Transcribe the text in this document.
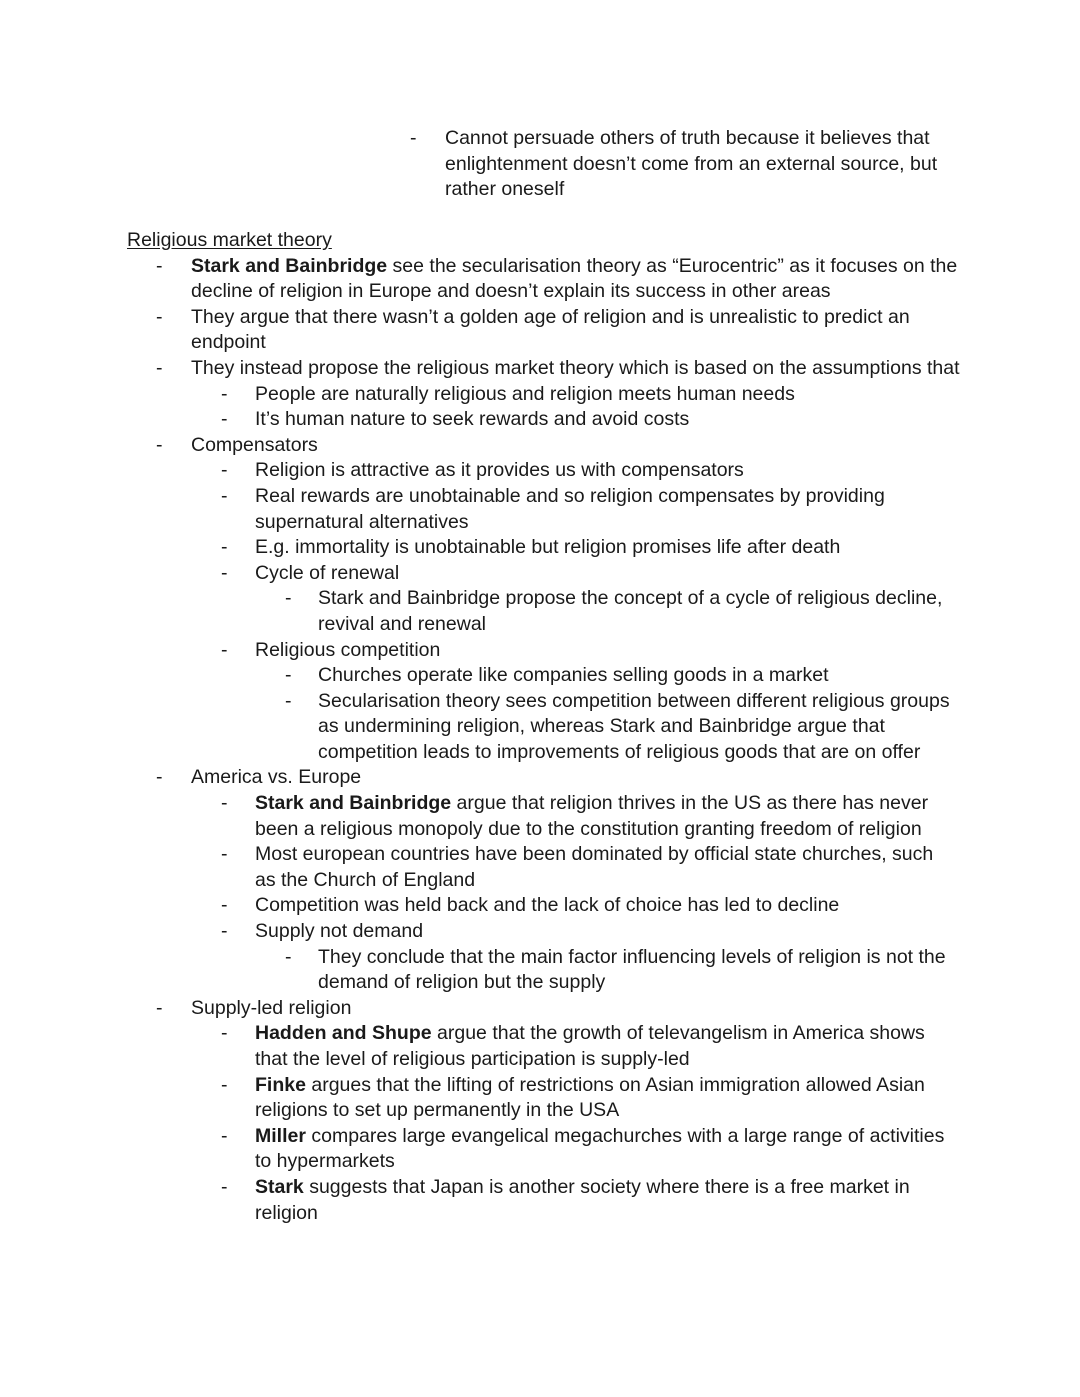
- Cannot persuade others of truth because it believes that enlightenment doesn’t come from an external source, but rather oneself
Religious market theory
- Stark and Bainbridge see the secularisation theory as “Eurocentric” as it focuses on the decline of religion in Europe and doesn’t explain its success in other areas
- They argue that there wasn’t a golden age of religion and is unrealistic to predict an endpoint
- They instead propose the religious market theory which is based on the assumptions that
- People are naturally religious and religion meets human needs
- It’s human nature to seek rewards and avoid costs
- Compensators
- Religion is attractive as it provides us with compensators
- Real rewards are unobtainable and so religion compensates by providing supernatural alternatives
- E.g. immortality is unobtainable but religion promises life after death
- Cycle of renewal
- Stark and Bainbridge propose the concept of a cycle of religious decline, revival and renewal
- Religious competition
- Churches operate like companies selling goods in a market
- Secularisation theory sees competition between different religious groups as undermining religion, whereas Stark and Bainbridge argue that competition leads to improvements of religious goods that are on offer
- America vs. Europe
- Stark and Bainbridge argue that religion thrives in the US as there has never been a religious monopoly due to the constitution granting freedom of religion
- Most european countries have been dominated by official state churches, such as the Church of England
- Competition was held back and the lack of choice has led to decline
- Supply not demand
- They conclude that the main factor influencing levels of religion is not the demand of religion but the supply
- Supply-led religion
- Hadden and Shupe argue that the growth of televangelism in America shows that the level of religious participation is supply-led
- Finke argues that the lifting of restrictions on Asian immigration allowed Asian religions to set up permanently in the USA
- Miller compares large evangelical megachurches with a large range of activities to hypermarkets
- Stark suggests that Japan is another society where there is a free market in religion
